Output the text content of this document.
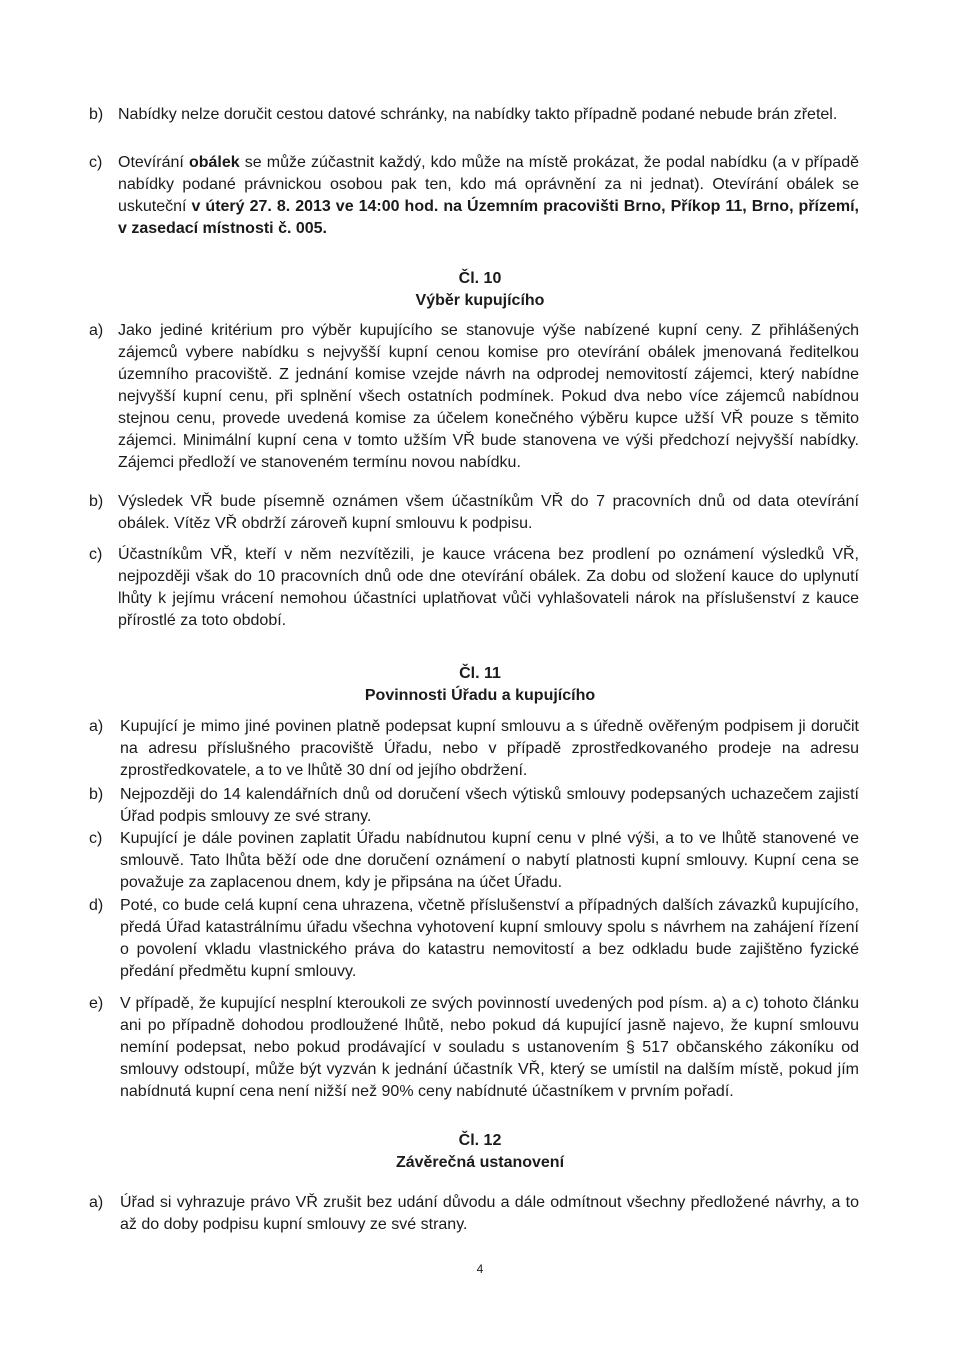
b) Nabídky nelze doručit cestou datové schránky, na nabídky takto případně podané nebude brán zřetel.
c) Otevírání obálek se může zúčastnit každý, kdo může na místě prokázat, že podal nabídku (a v případě nabídky podané právnickou osobou pak ten, kdo má oprávnění za ni jednat). Otevírání obálek se uskuteční v úterý 27. 8. 2013 ve 14:00 hod. na Územním pracovišti Brno, Příkop 11, Brno, přízemí, v zasedací místnosti č. 005.
Čl. 10
Výběr kupujícího
a) Jako jediné kritérium pro výběr kupujícího se stanovuje výše nabízené kupní ceny. Z přihlášených zájemců vybere nabídku s nejvyšší kupní cenou komise pro otevírání obálek jmenovaná ředitelkou územního pracoviště. Z jednání komise vzejde návrh na odprodej nemovitostí zájemci, který nabídne nejvyšší kupní cenu, při splnění všech ostatních podmínek. Pokud dva nebo více zájemců nabídnou stejnou cenu, provede uvedená komise za účelem konečného výběru kupce užší VŘ pouze s těmito zájemci. Minimální kupní cena v tomto užším VŘ bude stanovena ve výši předchozí nejvyšší nabídky. Zájemci předloží ve stanoveném termínu novou nabídku.
b) Výsledek VŘ bude písemně oznámen všem účastníkům VŘ do 7 pracovních dnů od data otevírání obálek. Vítěz VŘ obdrží zároveň kupní smlouvu k podpisu.
c) Účastníkům VŘ, kteří v něm nezvítězili, je kauce vrácena bez prodlení po oznámení výsledků VŘ, nejpozději však do 10 pracovních dnů ode dne otevírání obálek. Za dobu od složení kauce do uplynutí lhůty k jejímu vrácení nemohou účastníci uplatňovat vůči vyhlašovateli nárok na příslušenství z kauce přírostlé za toto období.
Čl. 11
Povinnosti Úřadu a kupujícího
a) Kupující je mimo jiné povinen platně podepsat kupní smlouvu a s úředně ověřeným podpisem ji doručit na adresu příslušného pracoviště Úřadu, nebo v případě zprostředkovaného prodeje na adresu zprostředkovatele, a to ve lhůtě 30 dní od jejího obdržení.
b) Nejpozději do 14 kalendářních dnů od doručení všech výtisků smlouvy podepsaných uchazečem zajistí Úřad podpis smlouvy ze své strany.
c) Kupující je dále povinen zaplatit Úřadu nabídnutou kupní cenu v plné výši, a to ve lhůtě stanovené ve smlouvě. Tato lhůta běží ode dne doručení oznámení o nabytí platnosti kupní smlouvy. Kupní cena se považuje za zaplacenou dnem, kdy je připsána na účet Úřadu.
d) Poté, co bude celá kupní cena uhrazena, včetně příslušenství a případných dalších závazků kupujícího, předá Úřad katastrálnímu úřadu všechna vyhotovení kupní smlouvy spolu s návrhem na zahájení řízení o povolení vkladu vlastnického práva do katastru nemovitostí a bez odkladu bude zajištěno fyzické předání předmětu kupní smlouvy.
e) V případě, že kupující nesplní kteroukoli ze svých povinností uvedených pod písm. a) a c) tohoto článku ani po případně dohodou prodloužené lhůtě, nebo pokud dá kupující jasně najevo, že kupní smlouvu nemíní podepsat, nebo pokud prodávající v souladu s ustanovením § 517 občanského zákoníku od smlouvy odstoupí, může být vyzván k jednání účastník VŘ, který se umístil na dalším místě, pokud jím nabídnutá kupní cena není nižší než 90% ceny nabídnuté účastníkem v prvním pořadí.
Čl. 12
Závěrečná ustanovení
a) Úřad si vyhrazuje právo VŘ zrušit bez udání důvodu a dále odmítnout všechny předložené návrhy, a to až do doby podpisu kupní smlouvy ze své strany.
4
